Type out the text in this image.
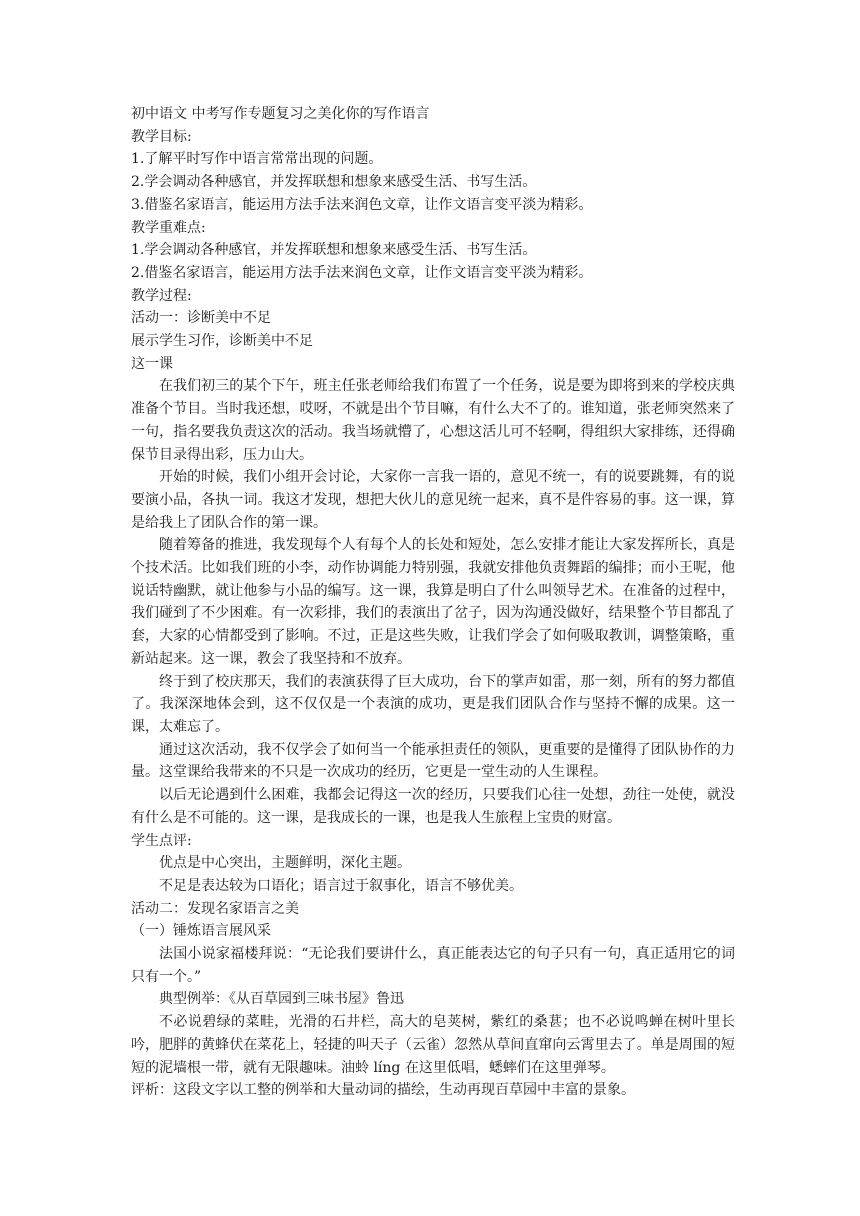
初中语文 中考写作专题复习之美化你的写作语言

教学目标:

1.了解平时写作中语言常常出现的问题。

2.学会调动各种感官，并发挥联想和想象来感受生活、书写生活。

3.借鉴名家语言，能运用方法手法来润色文章，让作文语言变平淡为精彩。

教学重难点:

1.学会调动各种感官，并发挥联想和想象来感受生活、书写生活。

2.借鉴名家语言，能运用方法手法来润色文章，让作文语言变平淡为精彩。

教学过程:

活动一：诊断美中不足

展示学生习作，诊断美中不足

这一课

在我们初三的某个下午，班主任张老师给我们布置了一个任务，说是要为即将到来的学校庆典准备个节目。当时我还想，哎呀，不就是出个节目嘛，有什么大不了的。谁知道，张老师突然来了一句，指名要我负责这次的活动。我当场就懵了，心想这活儿可不轻啊，得组织大家排练，还得确保节目录得出彩，压力山大。

开始的时候，我们小组开会讨论，大家你一言我一语的，意见不统一，有的说要跳舞，有的说要演小品，各执一词。我这才发现，想把大伙儿的意见统一起来，真不是件容易的事。这一课，算是给我上了团队合作的第一课。

随着筹备的推进，我发现每个人有每个人的长处和短处，怎么安排才能让大家发挥所长，真是个技术活。比如我们班的小李，动作协调能力特别强，我就安排他负责舞蹈的编排；而小王呢，他说话特幽默，就让他参与小品的编写。这一课，我算是明白了什么叫领导艺术。在准备的过程中，我们碰到了不少困难。有一次彩排，我们的表演出了岔子，因为沟通没做好，结果整个节目都乱了套，大家的心情都受到了影响。不过，正是这些失败，让我们学会了如何吸取教训，调整策略，重新站起来。这一课，教会了我坚持和不放弃。

终于到了校庆那天，我们的表演获得了巨大成功，台下的掌声如雷，那一刻，所有的努力都值了。我深深地体会到，这不仅仅是一个表演的成功，更是我们团队合作与坚持不懈的成果。这一课，太难忘了。

通过这次活动，我不仅学会了如何当一个能承担责任的领队，更重要的是懂得了团队协作的力量。这堂课给我带来的不只是一次成功的经历，它更是一堂生动的人生课程。

以后无论遇到什么困难，我都会记得这一次的经历，只要我们心往一处想，劲往一处使，就没有什么是不可能的。这一课，是我成长的一课，也是我人生旅程上宝贵的财富。

学生点评:

优点是中心突出，主题鲜明，深化主题。

不足是表达较为口语化；语言过于叙事化，语言不够优美。

活动二：发现名家语言之美

（一）锤炼语言展风采

法国小说家福楼拜说：“无论我们要讲什么，真正能表达它的句子只有一句，真正适用它的词只有一个。”

典型例举：《从百草园到三味书屋》鲁迅

不必说碧绿的菜畦，光滑的石井栏，高大的皂荚树，紫红的桑葚；也不必说鸣蝉在树叶里长吟，肥胖的黄蜂伏在菜花上，轻捷的叫天子（云雀）忽然从草间直窜向云霄里去了。单是周围的短短的泥墙根一带，就有无限趣味。油蛉 líng 在这里低唱，蟋蟀们在这里弹琴。

评析：这段文字以工整的例举和大量动词的描绘，生动再现百草园中丰富的景象。
